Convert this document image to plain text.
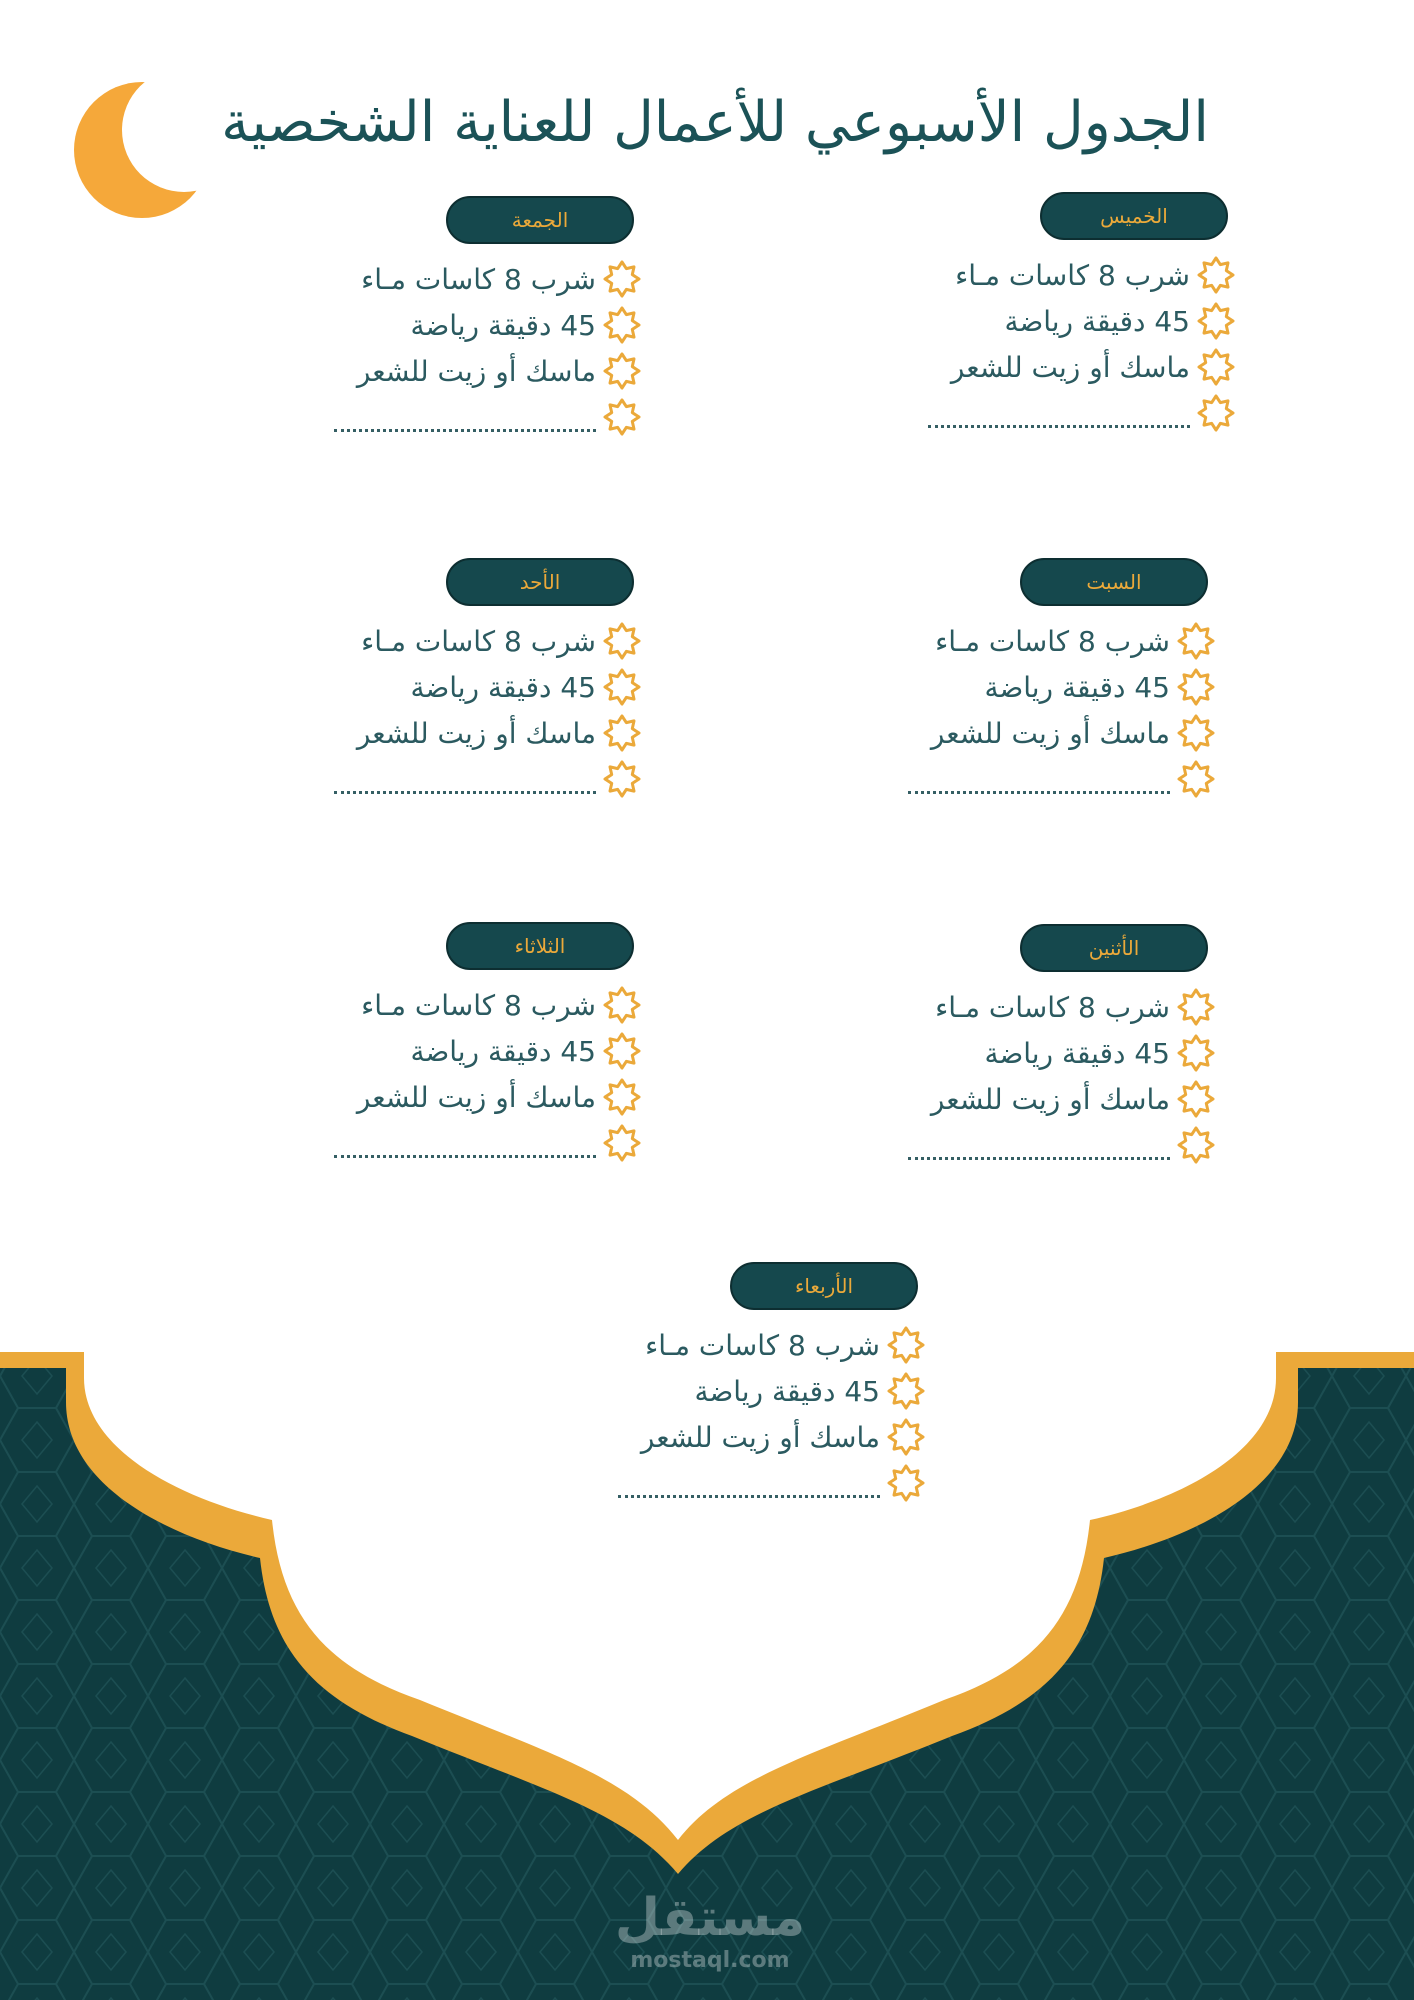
الجدول الأسبوعي للأعمال للعناية الشخصية
الخميس
شرب 8 كاسات مـاء
45 دقيقة رياضة
ماسك أو زيت للشعر
الجمعة
شرب 8 كاسات مـاء
45 دقيقة رياضة
ماسك أو زيت للشعر
السبت
شرب 8 كاسات مـاء
45 دقيقة رياضة
ماسك أو زيت للشعر
الأحد
شرب 8 كاسات مـاء
45 دقيقة رياضة
ماسك أو زيت للشعر
الأثنين
شرب 8 كاسات مـاء
45 دقيقة رياضة
ماسك أو زيت للشعر
الثلاثاء
شرب 8 كاسات مـاء
45 دقيقة رياضة
ماسك أو زيت للشعر
الأربعاء
شرب 8 كاسات مـاء
45 دقيقة رياضة
ماسك أو زيت للشعر
مستقل
mostaql.com
